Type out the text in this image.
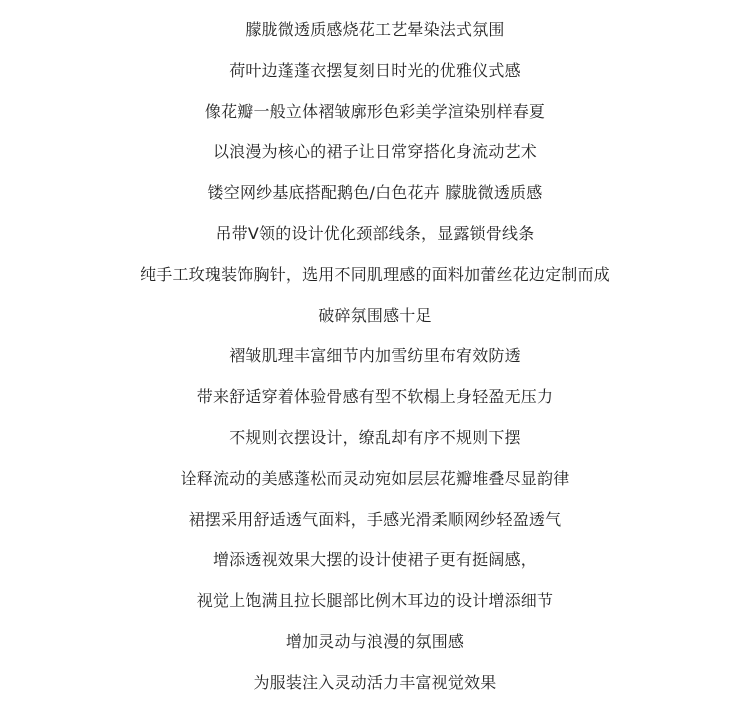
朦胧微透质感烧花工艺晕染法式氛围
荷叶边蓬蓬衣摆复刻日时光的优雅仪式感
像花瓣一般立体褶皱廓形色彩美学渲染别样春夏
以浪漫为核心的裙子让日常穿搭化身流动艺术
镂空网纱基底搭配鹅色/白色花卉 朦胧微透质感
吊带V领的设计优化颈部线条，显露锁骨线条
纯手工玫瑰装饰胸针，选用不同肌理感的面料加蕾丝花边定制而成
破碎氛围感十足
褶皱肌理丰富细节内加雪纺里布宥效防透
带来舒适穿着体验骨感有型不软榻上身轻盈无压力
不规则衣摆设计，缭乱却有序不规则下摆
诠释流动的美感蓬松而灵动宛如层层花瓣堆叠尽显韵律
裙摆采用舒适透气面料，手感光滑柔顺网纱轻盈透气
增添透视效果大摆的设计使裙子更有挺阔感，
视觉上饱满且拉长腿部比例木耳边的设计增添细节
增加灵动与浪漫的氛围感
为服装注入灵动活力丰富视觉效果
